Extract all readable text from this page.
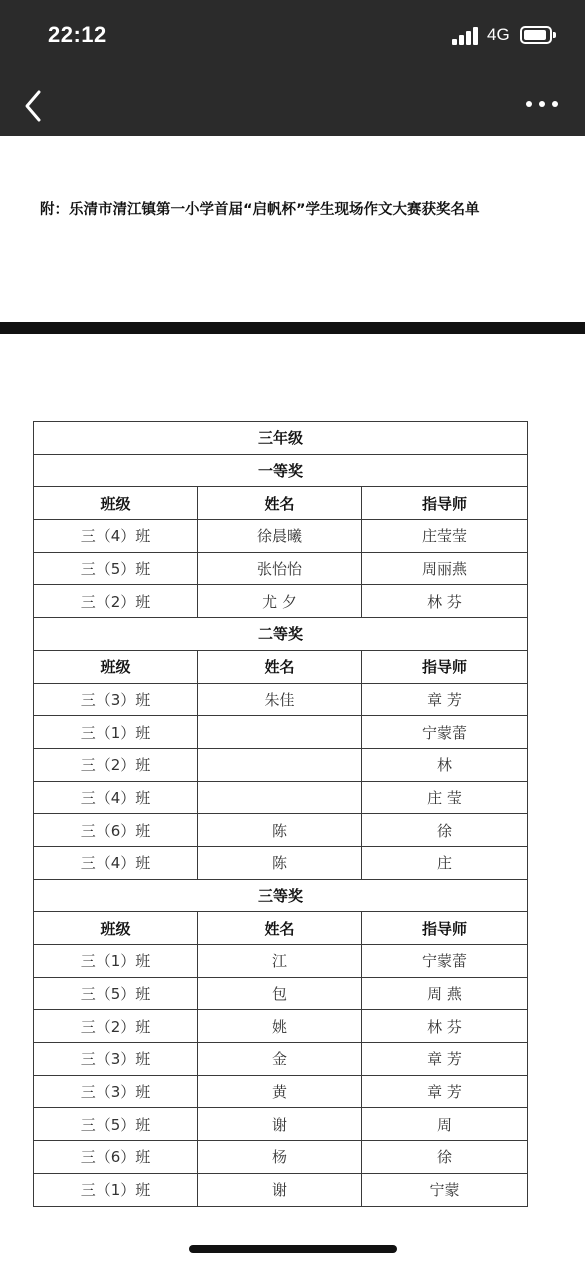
22:12	4G
附：乐清市清江镇第一小学首届“启帆杯”学生现场作文大赛获奖名单
三年级		
一等奖		
班级	姓名	指导师
三（4）班	徐晨曦	庄莹莹
三（5）班	张怡怡	周丽燕
三（2）班	尤 夕	林 芬
二等奖		
班级	姓名	指导师
三（3）班	朱佳	章 芳
三（1）班		宁蒙蕾
三（2）班		林
三（4）班		庄 莹
三（6）班	陈	徐
三（4）班	陈	庄
三等奖		
班级	姓名	指导师
三（1）班	江	宁蒙蕾
三（5）班	包	周 燕
三（2）班	姚	林 芬
三（3）班	金	章 芳
三（3）班	黄	章 芳
三（5）班	谢	周
三（6）班	杨	徐
三（1）班	谢	宁蒙
